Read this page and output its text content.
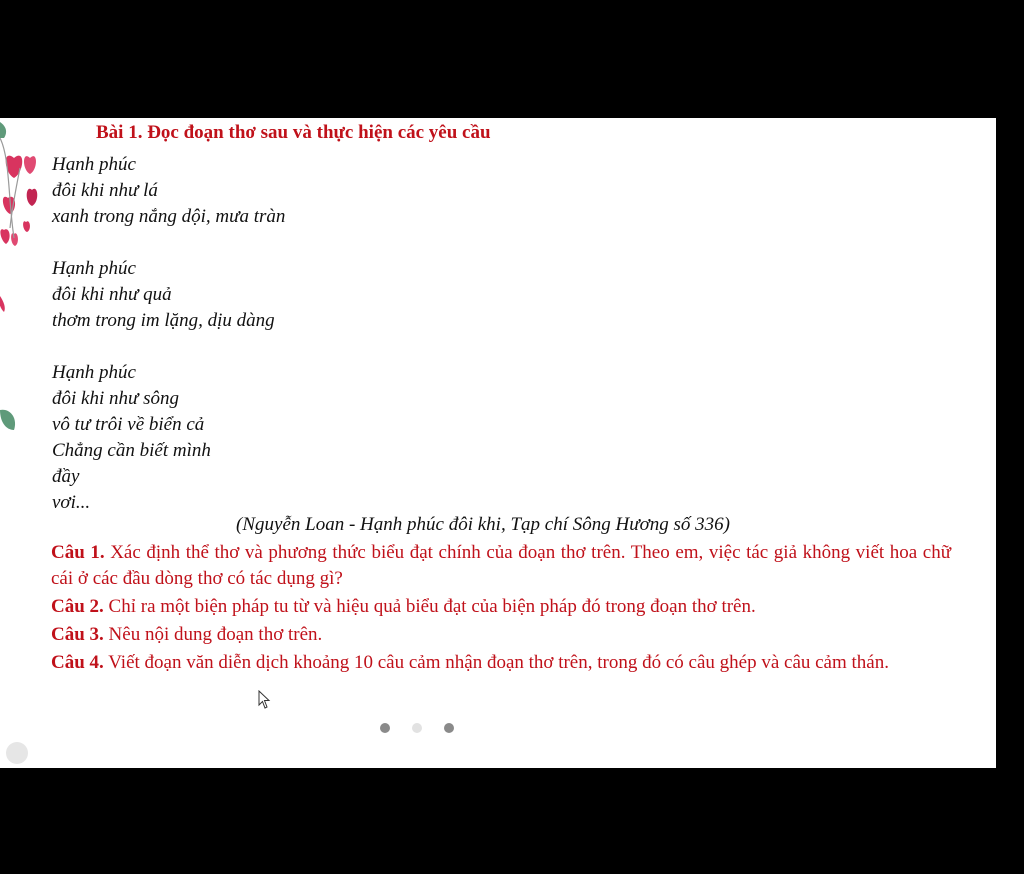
Bài 1. Đọc đoạn thơ sau và thực hiện các yêu cầu
Hạnh phúc
đôi khi như lá
xanh trong nắng dội, mưa tràn
Hạnh phúc
đôi khi như quả
thơm trong im lặng, dịu dàng
Hạnh phúc
đôi khi như sông
vô tư trôi về biển cả
Chẳng cần biết mình
đầy
vơi...
(Nguyễn Loan - Hạnh phúc đôi khi, Tạp chí Sông Hương số 336)

Câu 1. Xác định thể thơ và phương thức biểu đạt chính của đoạn thơ trên. Theo em, việc tác giả không viết hoa chữ cái ở các đầu dòng thơ có tác dụng gì?

Câu 2. Chỉ ra một biện pháp tu từ và hiệu quả biểu đạt của biện pháp đó trong đoạn thơ trên.

Câu 3. Nêu nội dung đoạn thơ trên.

Câu 4. Viết đoạn văn diễn dịch khoảng 10 câu cảm nhận đoạn thơ trên, trong đó có câu ghép và câu cảm thán.
